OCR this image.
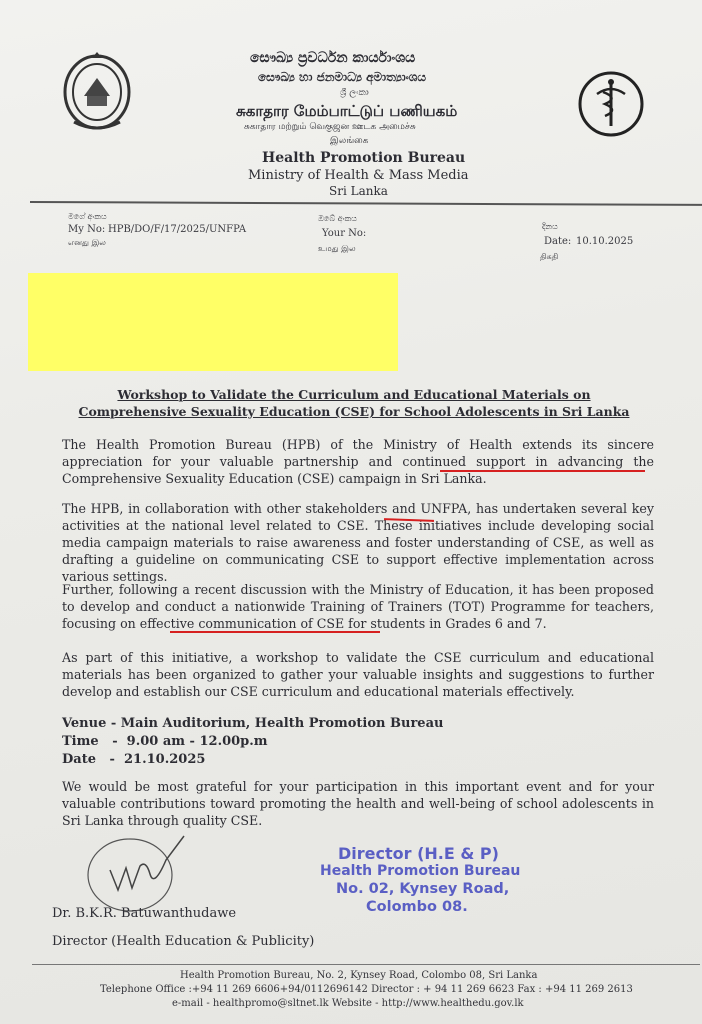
සෞඛ්‍ය ප්‍රවර්ධන කාර්යාංශය
සෞඛ්‍ය හා ජනමාධ්‍ය අමාත්‍යාංශය
ශ්‍රී ලංකා
சுகாதார மேம்பாட்டுப் பணியகம்
சுகாதார மற்றும் வெகுஜன ஊடக அமைச்சு
இலங்கை
Health Promotion Bureau
Ministry of Health & Mass Media
Sri Lanka
මගේ අංකය
My No: HPB/DO/F/17/2025/UNFPA
எனது இல
ඔබේ අංකය
Your No:
உமது இல
දිනය
Date: 10.10.2025
திகதி
Workshop to Validate the Curriculum and Educational Materials on Comprehensive Sexuality Education (CSE) for School Adolescents in Sri Lanka

The Health Promotion Bureau (HPB) of the Ministry of Health extends its sincere appreciation for your valuable partnership and continued support in advancing the Comprehensive Sexuality Education (CSE) campaign in Sri Lanka.

The HPB, in collaboration with other stakeholders and UNFPA, has undertaken several key activities at the national level related to CSE. These initiatives include developing social media campaign materials to raise awareness and foster understanding of CSE, as well as drafting a guideline on communicating CSE to support effective implementation across various settings.

Further, following a recent discussion with the Ministry of Education, it has been proposed to develop and conduct a nationwide Training of Trainers (TOT) Programme for teachers, focusing on effective communication of CSE for students in Grades 6 and 7.

As part of this initiative, a workshop to validate the CSE curriculum and educational materials has been organized to gather your valuable insights and suggestions to further develop and establish our CSE curriculum and educational materials effectively.

Venue - Main Auditorium, Health Promotion Bureau
Time   -  9.00 am - 12.00p.m
Date   -  21.10.2025

We would be most grateful for your participation in this important event and for your valuable contributions toward promoting the health and well-being of school adolescents in Sri Lanka through quality CSE.

Dr. B.K.R. Batuwanthudawe
Director (Health Education & Publicity)
Director (H.E & P)
Health Promotion Bureau
No. 02, Kynsey Road,
Colombo 08.
Health Promotion Bureau, No. 2, Kynsey Road, Colombo 08, Sri Lanka
Telephone Office :+94 11 269 6606+94/0112696142 Director : + 94 11 269 6623 Fax : +94 11 269 2613
e-mail - healthpromo@sltnet.lk Website - http://www.healthedu.gov.lk
